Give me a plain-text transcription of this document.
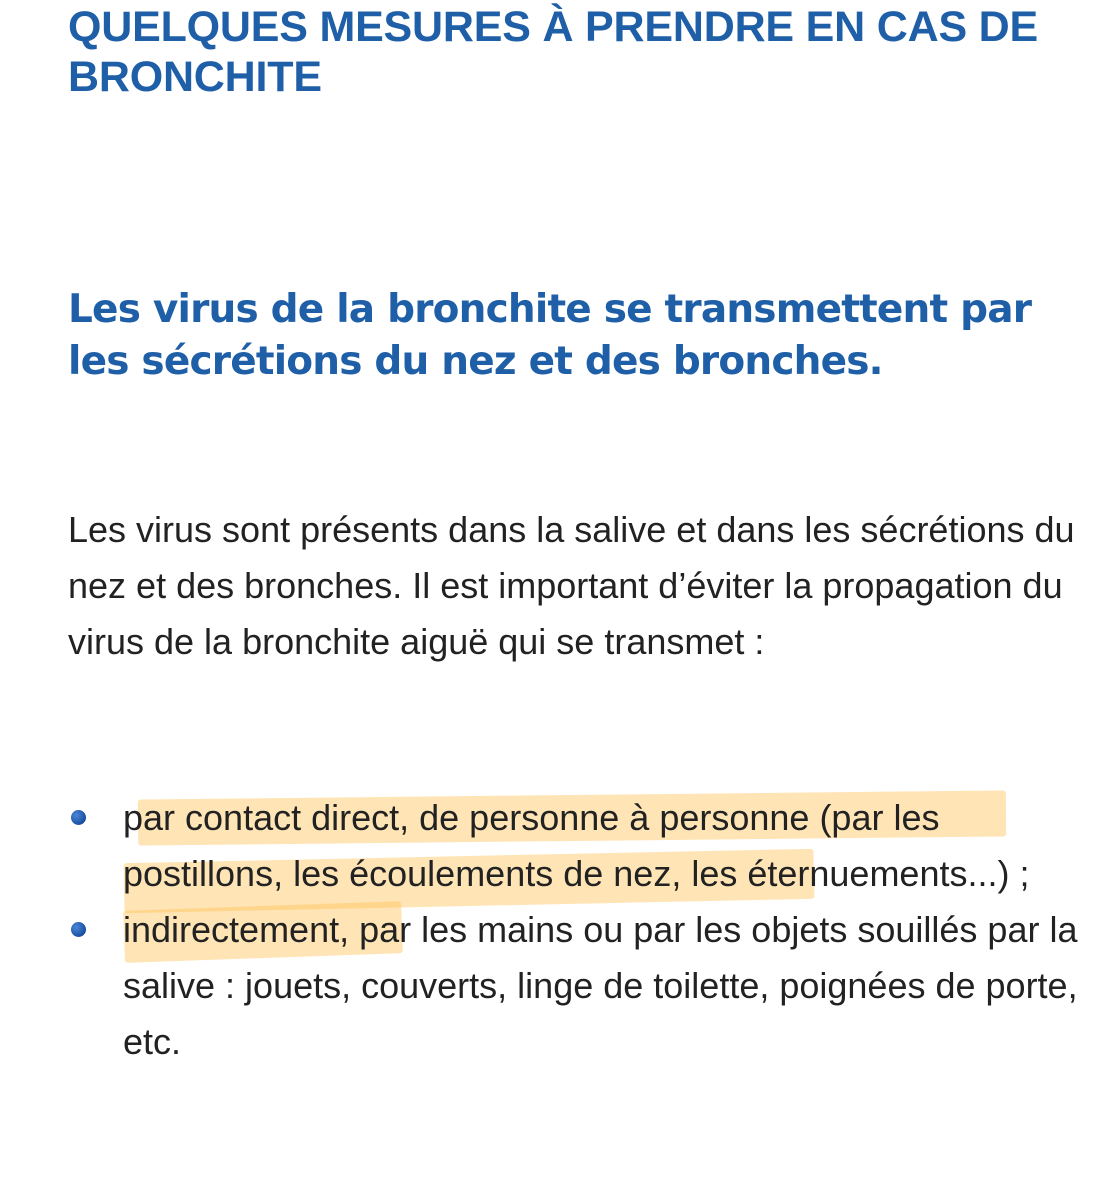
QUELQUES MESURES À PRENDRE EN CAS DE BRONCHITE
Les virus de la bronchite se transmettent par les sécrétions du nez et des bronches.

Les virus sont présents dans la salive et dans les sécrétions du nez et des bronches. Il est important d’éviter la propagation du virus de la bronchite aiguë qui se transmet :

par contact direct, de personne à personne (par les postillons, les écoulements de nez, les éternuements...) ;
indirectement, par les mains ou par les objets souillés par la salive : jouets, couverts, linge de toilette, poignées de porte, etc.
